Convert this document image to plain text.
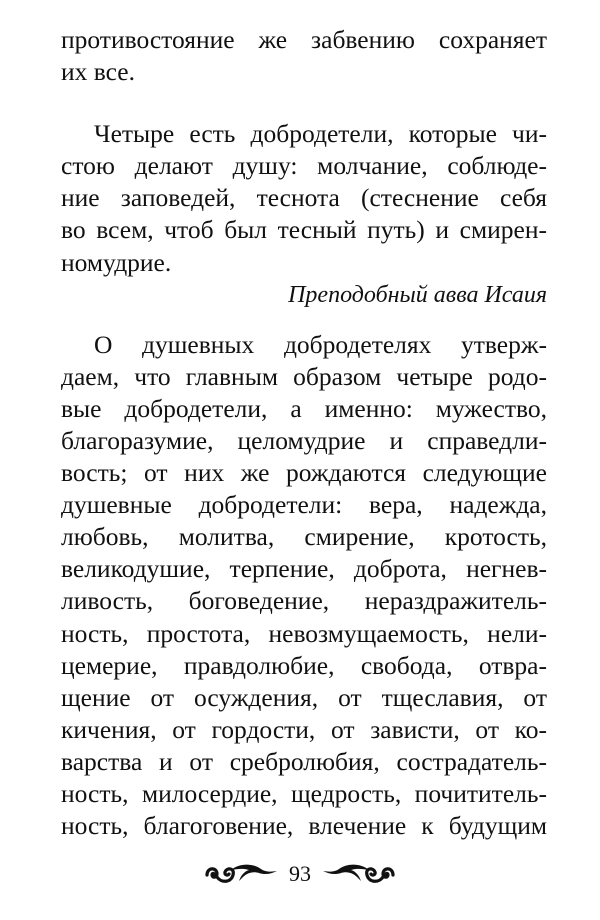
противостояние же забвению сохраняет
их все.
Четыре есть добродетели, которые чи-
стою делают душу: молчание, соблюде-
ние заповедей, теснота (стеснение себя
во всем, чтоб был тесный путь) и смирен-
номудрие.
Преподобный авва Исаия
О душевных добродетелях утверж-
даем, что главным образом четыре родо-
вые добродетели, а именно: мужество,
благоразумие, целомудрие и справедли-
вость; от них же рождаются следующие
душевные добродетели: вера, надежда,
любовь, молитва, смирение, кротость,
великодушие, терпение, доброта, негнев-
ливость, боговедение, нераздражитель-
ность, простота, невозмущаемость, нели-
цемерие, правдолюбие, свобода, отвра-
щение от осуждения, от тщеславия, от
кичения, от гордости, от зависти, от ко-
варства и от сребролюбия, сострадатель-
ность, милосердие, щедрость, почититель-
ность, благоговение, влечение к будущим
93
